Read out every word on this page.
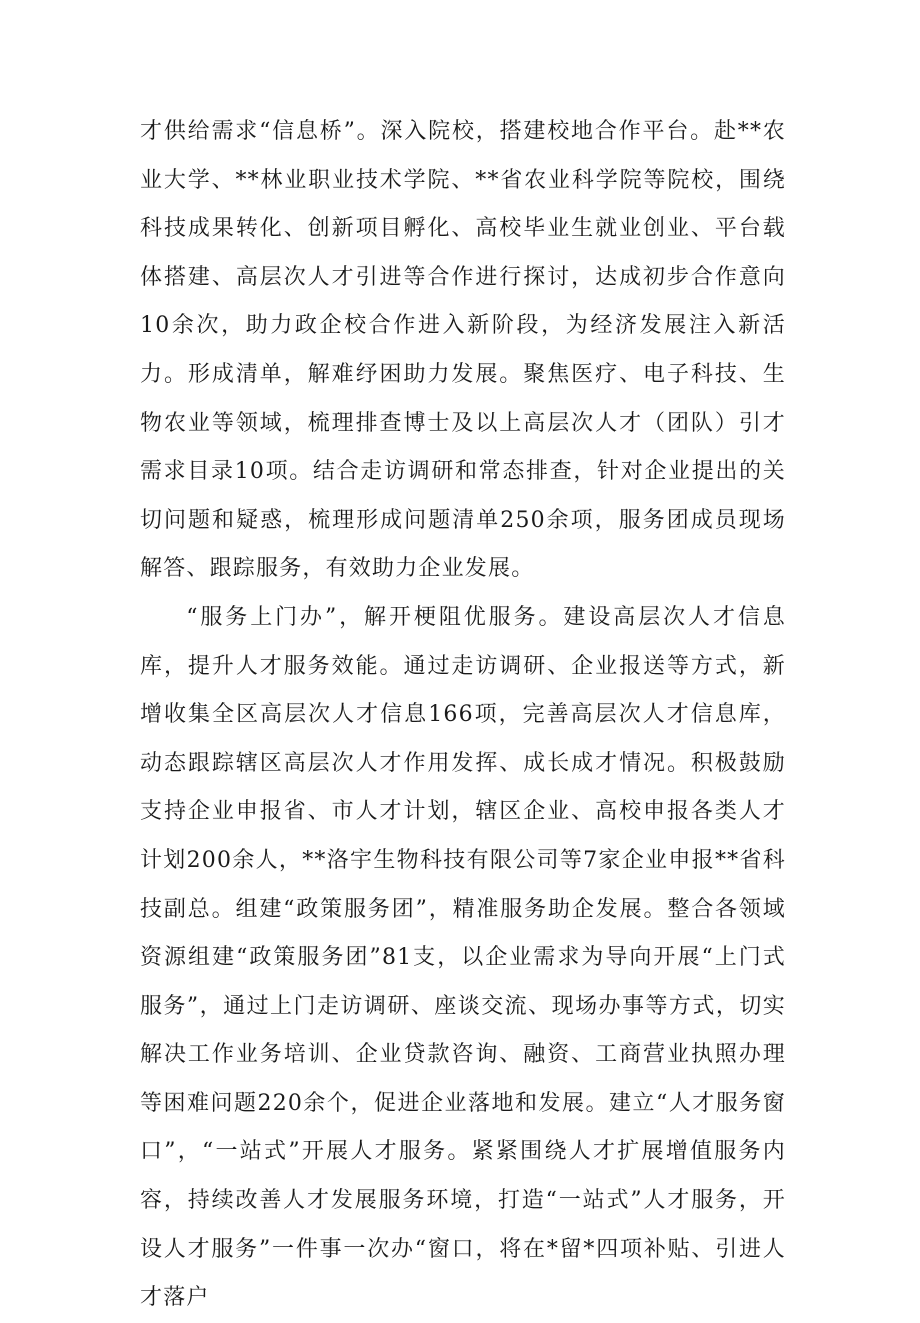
才供给需求“信息桥”。深入院校，搭建校地合作平台。赴**农业大学、**林业职业技术学院、**省农业科学院等院校，围绕科技成果转化、创新项目孵化、高校毕业生就业创业、平台载体搭建、高层次人才引进等合作进行探讨，达成初步合作意向10余次，助力政企校合作进入新阶段，为经济发展注入新活力。形成清单，解难纾困助力发展。聚焦医疗、电子科技、生物农业等领域，梳理排查博士及以上高层次人才（团队）引才需求目录10项。结合走访调研和常态排查，针对企业提出的关切问题和疑惑，梳理形成问题清单250余项，服务团成员现场解答、跟踪服务，有效助力企业发展。

“服务上门办”，解开梗阻优服务。建设高层次人才信息库，提升人才服务效能。通过走访调研、企业报送等方式，新增收集全区高层次人才信息166项，完善高层次人才信息库，动态跟踪辖区高层次人才作用发挥、成长成才情况。积极鼓励支持企业申报省、市人才计划，辖区企业、高校申报各类人才计划200余人，**洛宇生物科技有限公司等7家企业申报**省科技副总。组建“政策服务团”，精准服务助企发展。整合各领域资源组建“政策服务团”81支，以企业需求为导向开展“上门式服务”，通过上门走访调研、座谈交流、现场办事等方式，切实解决工作业务培训、企业贷款咨询、融资、工商营业执照办理等困难问题220余个，促进企业落地和发展。建立“人才服务窗口”，“一站式”开展人才服务。紧紧围绕人才扩展增值服务内容，持续改善人才发展服务环境，打造“一站式”人才服务，开设人才服务”一件事一次办“窗口，将在*留*四项补贴、引进人才落户
